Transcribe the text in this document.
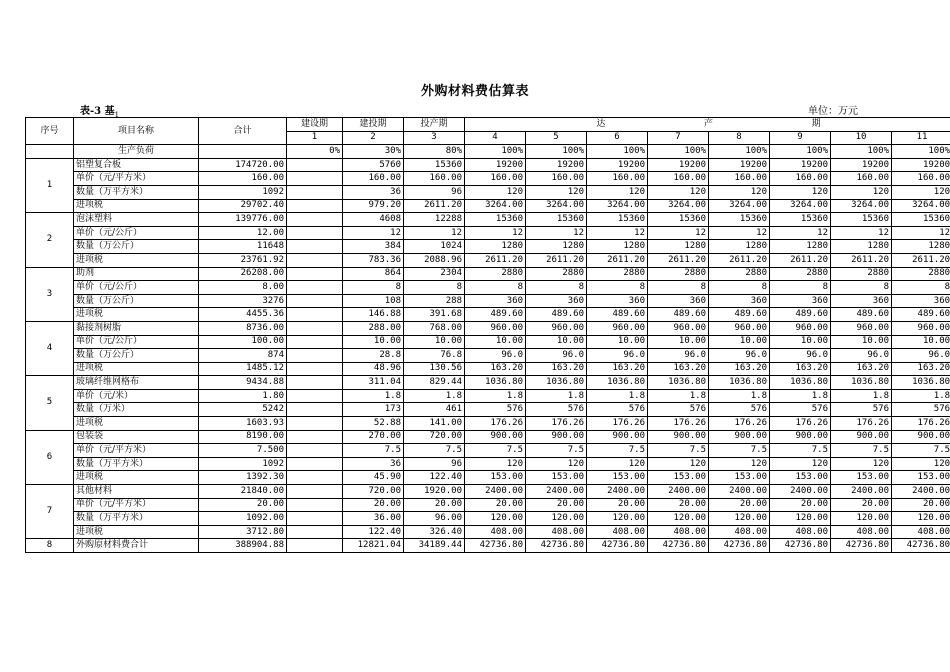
外购材料费估算表
表-3 基$_1$	单位：万元
序号	项目名称	合计	建设期	建投期	投产期	达 产 期							

			1	2	3	4	5	6	7	8	9	10	11
	生产负荷		0%	30%	80%	100%	100%	100%	100%	100%	100%	100%	100%
1	铝塑复合板	174720.00		5760	15360	19200	19200	19200	19200	19200	19200	19200	19200
	单价（元/平方米）	160.00		160.00	160.00	160.00	160.00	160.00	160.00	160.00	160.00	160.00	160.00
	数量（万平方米）	1092		36	96	120	120	120	120	120	120	120	120
	进项税	29702.40		979.20	2611.20	3264.00	3264.00	3264.00	3264.00	3264.00	3264.00	3264.00	3264.00
2	泡沫塑料	139776.00		4608	12288	15360	15360	15360	15360	15360	15360	15360	15360
	单价（元/公斤）	12.00		12	12	12	12	12	12	12	12	12	12
	数量（万公斤）	11648		384	1024	1280	1280	1280	1280	1280	1280	1280	1280
	进项税	23761.92		783.36	2088.96	2611.20	2611.20	2611.20	2611.20	2611.20	2611.20	2611.20	2611.20
3	助剂	26208.00		864	2304	2880	2880	2880	2880	2880	2880	2880	2880
	单价（元/公斤）	8.00		8	8	8	8	8	8	8	8	8	8
	数量（万公斤）	3276		108	288	360	360	360	360	360	360	360	360
	进项税	4455.36		146.88	391.68	489.60	489.60	489.60	489.60	489.60	489.60	489.60	489.60
4	黏接剂树脂	8736.00		288.00	768.00	960.00	960.00	960.00	960.00	960.00	960.00	960.00	960.00
	单价（元/公斤）	100.00		10.00	10.00	10.00	10.00	10.00	10.00	10.00	10.00	10.00	10.00
	数量（万公斤）	874		28.8	76.8	96.0	96.0	96.0	96.0	96.0	96.0	96.0	96.0
	进项税	1485.12		48.96	130.56	163.20	163.20	163.20	163.20	163.20	163.20	163.20	163.20
5	玻璃纤维网格布	9434.88		311.04	829.44	1036.80	1036.80	1036.80	1036.80	1036.80	1036.80	1036.80	1036.80
	单价（元/米）	1.80		1.8	1.8	1.8	1.8	1.8	1.8	1.8	1.8	1.8	1.8
	数量（万米）	5242		173	461	576	576	576	576	576	576	576	576
	进项税	1603.93		52.88	141.00	176.26	176.26	176.26	176.26	176.26	176.26	176.26	176.26
6	包装袋	8190.00		270.00	720.00	900.00	900.00	900.00	900.00	900.00	900.00	900.00	900.00
	单价（元/平方米）	7.500		7.5	7.5	7.5	7.5	7.5	7.5	7.5	7.5	7.5	7.5
	数量（万平方米）	1092		36	96	120	120	120	120	120	120	120	120
	进项税	1392.30		45.90	122.40	153.00	153.00	153.00	153.00	153.00	153.00	153.00	153.00
7	其他材料	21840.00		720.00	1920.00	2400.00	2400.00	2400.00	2400.00	2400.00	2400.00	2400.00	2400.00
	单价（元/平方米）	20.00		20.00	20.00	20.00	20.00	20.00	20.00	20.00	20.00	20.00	20.00
	数量（万平方米）	1092.00		36.00	96.00	120.00	120.00	120.00	120.00	120.00	120.00	120.00	120.00
	进项税	3712.80		122.40	326.40	408.00	408.00	408.00	408.00	408.00	408.00	408.00	408.00
8	外购原材料费合计	388904.88		12821.04	34189.44	42736.80	42736.80	42736.80	42736.80	42736.80	42736.80	42736.80	42736.80
